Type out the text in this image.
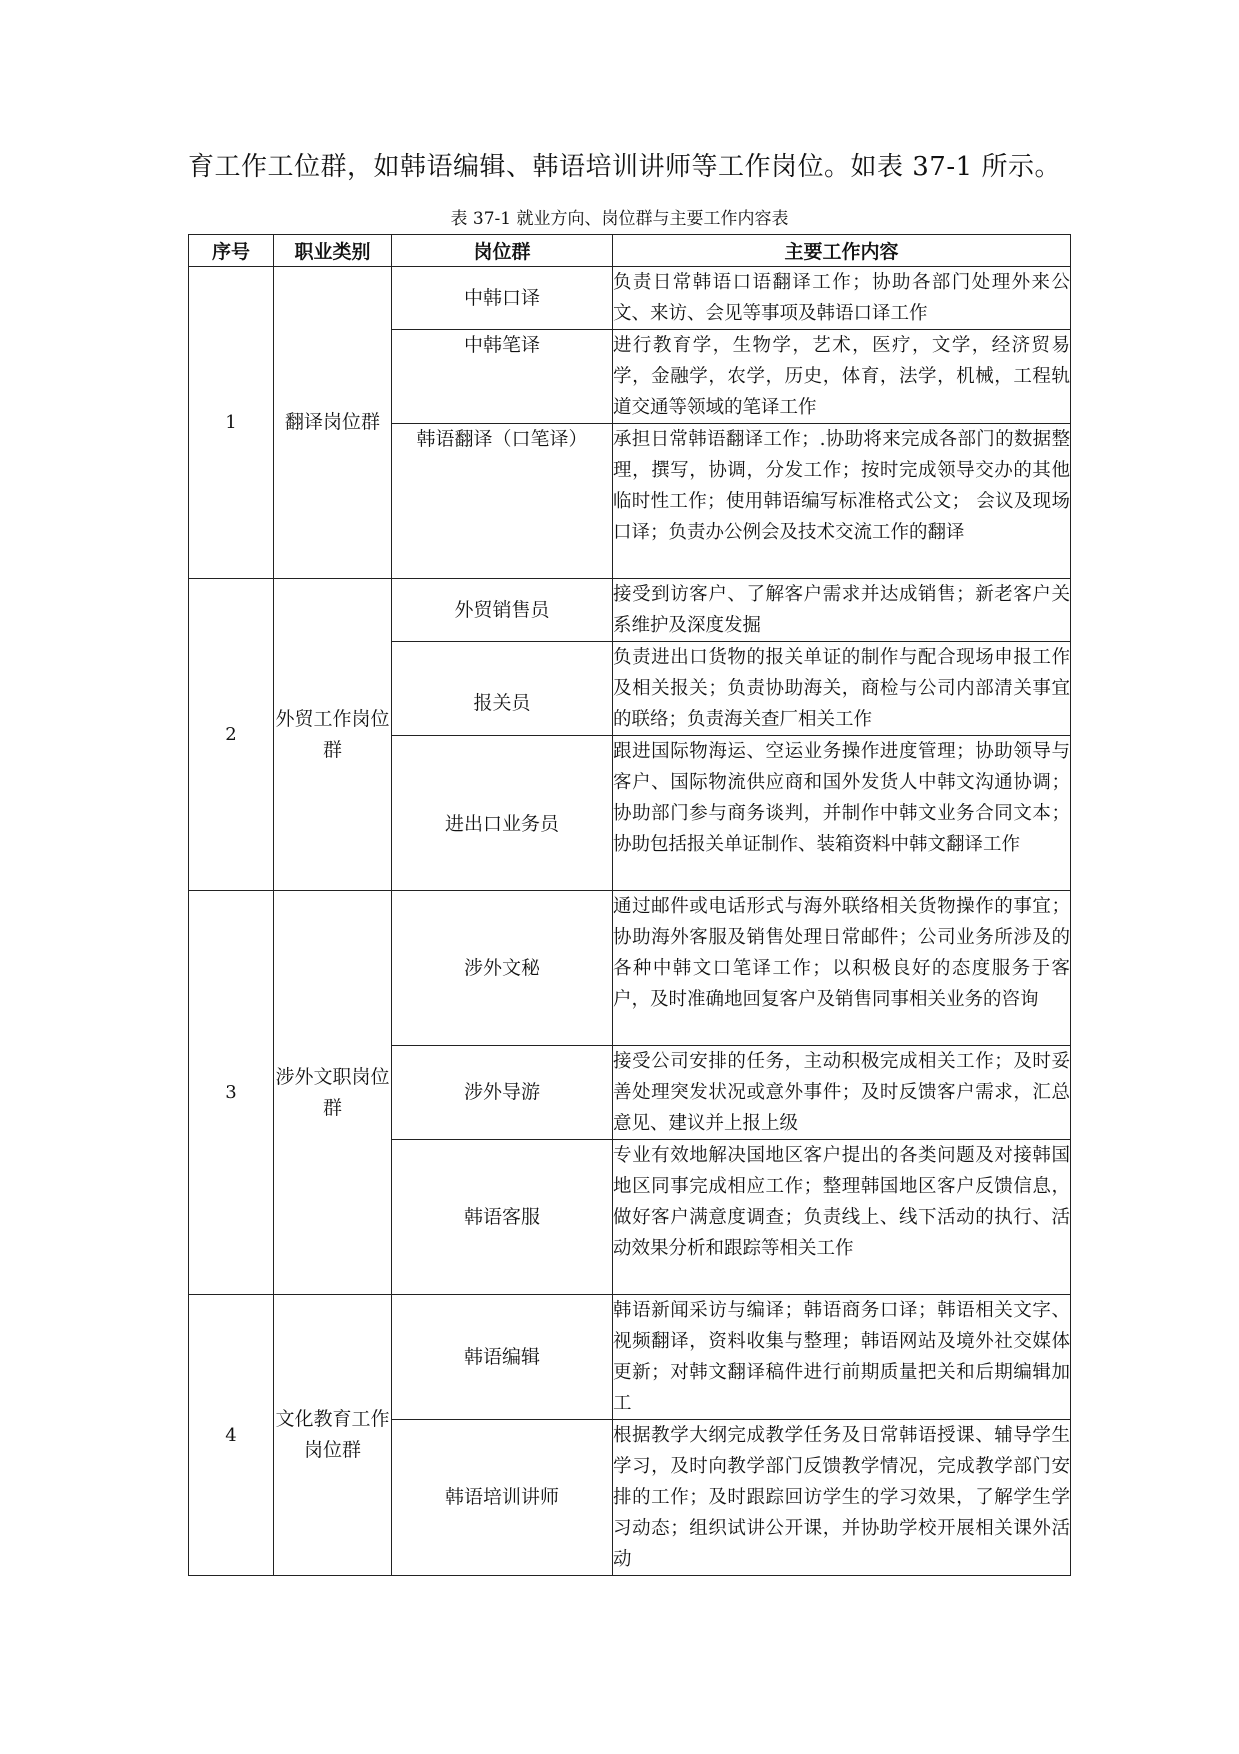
育工作工位群，如韩语编辑、韩语培训讲师等工作岗位。如表 37-1 所示。
表 37-1 就业方向、岗位群与主要工作内容表
序号	职业类别	岗位群	主要工作内容
1	翻译岗位群	中韩口译	负责日常韩语口语翻译工作；协助各部门处理外来公文、来访、会见等事项及韩语口译工作
		中韩笔译	进行教育学，生物学，艺术，医疗，文学，经济贸易学，金融学，农学，历史，体育，法学，机械，工程轨道交通等领域的笔译工作
		韩语翻译（口笔译）	承担日常韩语翻译工作；.协助将来完成各部门的数据整理，撰写，协调，分发工作；按时完成领导交办的其他临时性工作；使用韩语编写标准格式公文； 会议及现场口译；负责办公例会及技术交流工作的翻译
2	外贸工作岗位群	外贸销售员	接受到访客户、了解客户需求并达成销售；新老客户关系维护及深度发掘
		报关员	负责进出口货物的报关单证的制作与配合现场申报工作及相关报关；负责协助海关，商检与公司内部清关事宜的联络；负责海关查厂相关工作
		进出口业务员	跟进国际物海运、空运业务操作进度管理；协助领导与客户、国际物流供应商和国外发货人中韩文沟通协调；协助部门参与商务谈判，并制作中韩文业务合同文本；协助包括报关单证制作、装箱资料中韩文翻译工作
3	涉外文职岗位群	涉外文秘	通过邮件或电话形式与海外联络相关货物操作的事宜；协助海外客服及销售处理日常邮件；公司业务所涉及的各种中韩文口笔译工作；以积极良好的态度服务于客户，及时准确地回复客户及销售同事相关业务的咨询
		涉外导游	接受公司安排的任务，主动积极完成相关工作；及时妥善处理突发状况或意外事件；及时反馈客户需求，汇总意见、建议并上报上级
		韩语客服	专业有效地解决国地区客户提出的各类问题及对接韩国地区同事完成相应工作；整理韩国地区客户反馈信息，做好客户满意度调查；负责线上、线下活动的执行、活动效果分析和跟踪等相关工作
4	文化教育工作岗位群	韩语编辑	韩语新闻采访与编译；韩语商务口译；韩语相关文字、视频翻译，资料收集与整理；韩语网站及境外社交媒体更新；对韩文翻译稿件进行前期质量把关和后期编辑加工
		韩语培训讲师	根据教学大纲完成教学任务及日常韩语授课、辅导学生学习，及时向教学部门反馈教学情况，完成教学部门安排的工作；及时跟踪回访学生的学习效果，了解学生学习动态；组织试讲公开课，并协助学校开展相关课外活动
